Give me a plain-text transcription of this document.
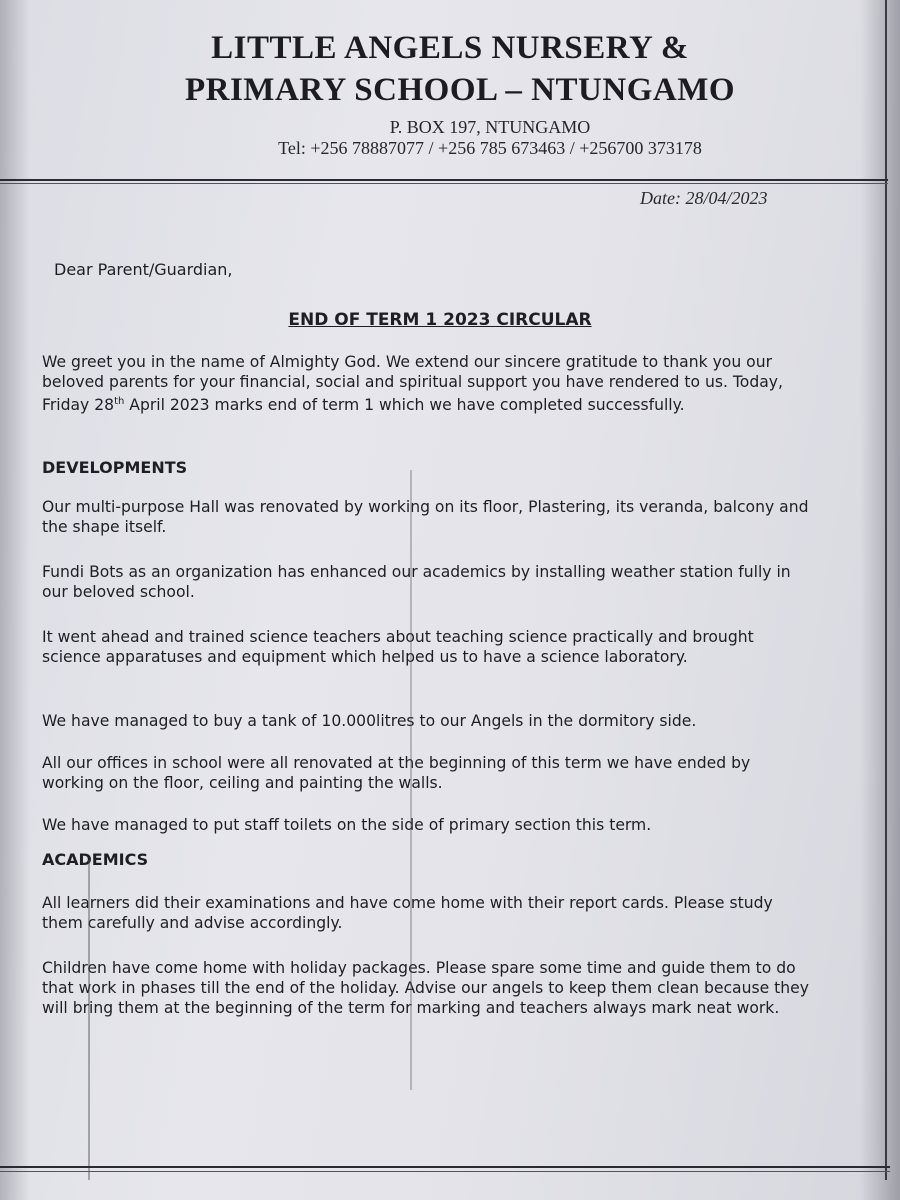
LITTLE ANGELS NURSERY &
PRIMARY SCHOOL – NTUNGAMO
P. BOX 197, NTUNGAMO
Tel: +256 78887077 / +256 785 673463 / +256700 373178
Date: 28/04/2023
Dear Parent/Guardian,
END OF TERM 1 2023 CIRCULAR
We greet you in the name of Almighty God. We extend our sincere gratitude to thank you our beloved parents for your financial, social and spiritual support you have rendered to us. Today, Friday 28th April 2023 marks end of term 1 which we have completed successfully.
DEVELOPMENTS
Our multi-purpose Hall was renovated by working on its floor, Plastering, its veranda, balcony and the shape itself.
Fundi Bots as an organization has enhanced our academics by installing weather station fully in our beloved school.
It went ahead and trained science teachers about teaching science practically and brought science apparatuses and equipment which helped us to have a science laboratory.
We have managed to buy a tank of 10.000litres to our Angels in the dormitory side.
All our offices in school were all renovated at the beginning of this term we have ended by working on the floor, ceiling and painting the walls.
We have managed to put staff toilets on the side of primary section this term.
ACADEMICS
All learners did their examinations and have come home with their report cards. Please study them carefully and advise accordingly.
Children have come home with holiday packages. Please spare some time and guide them to do that work in phases till the end of the holiday. Advise our angels to keep them clean because they will bring them at the beginning of the term for marking and teachers always mark neat work.
